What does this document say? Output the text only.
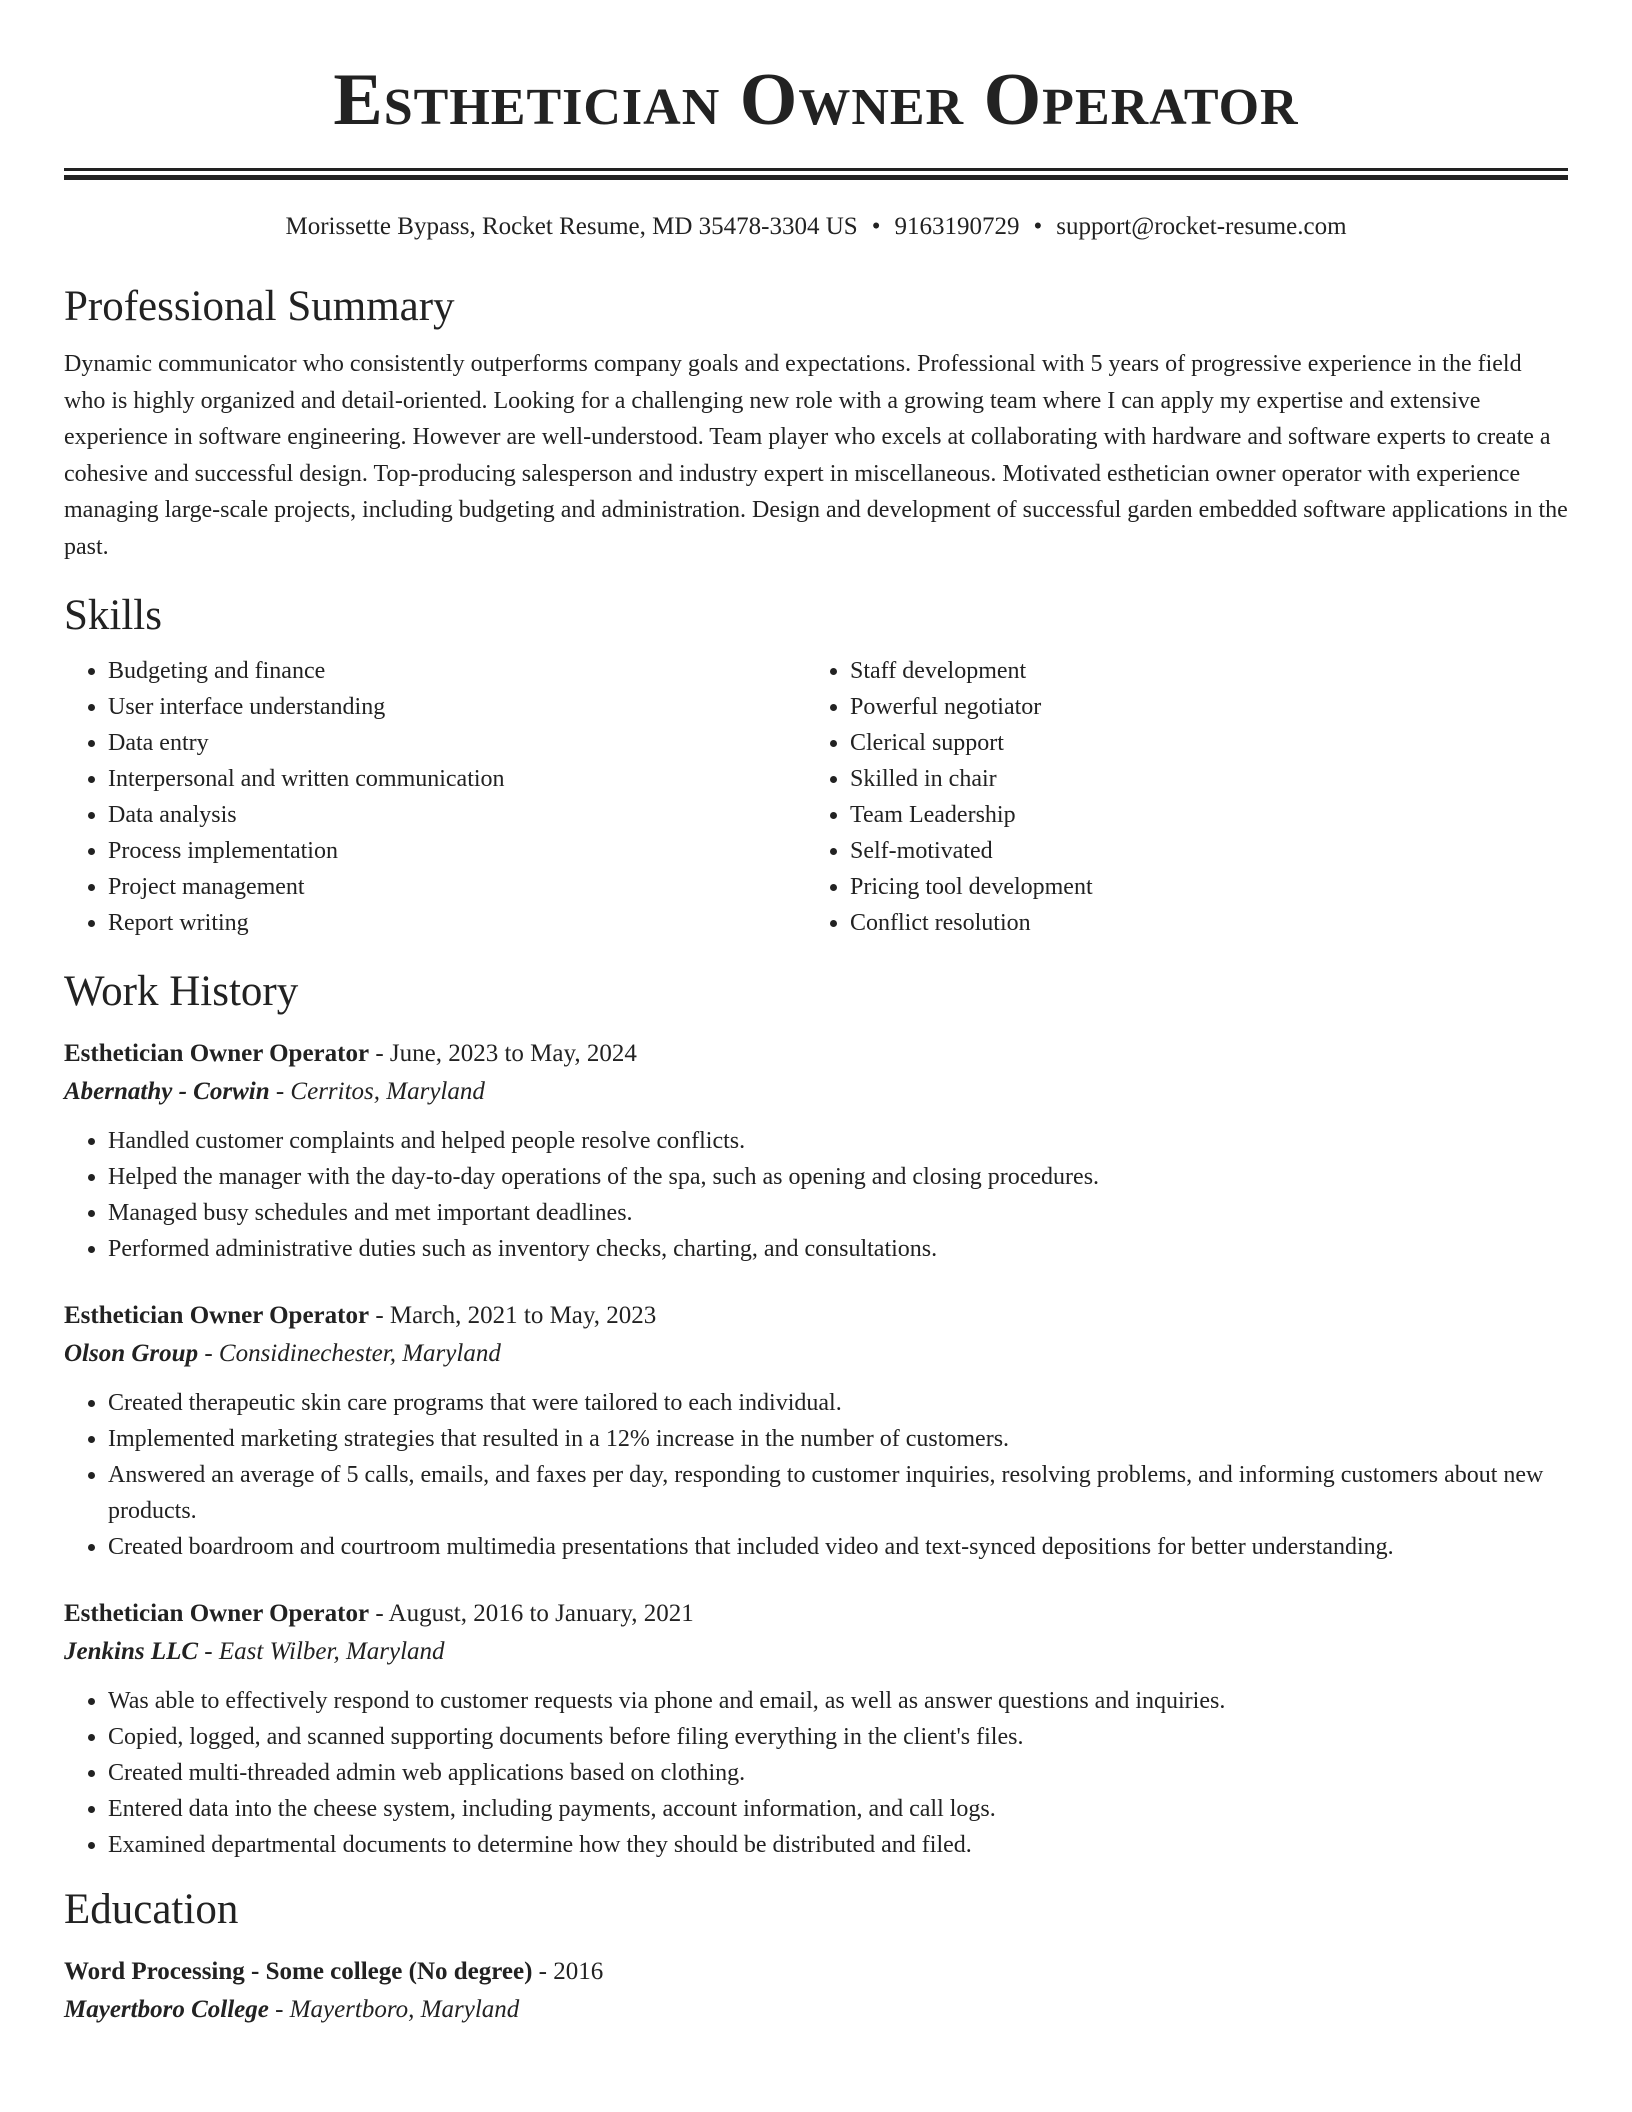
Esthetician Owner Operator
Morissette Bypass, Rocket Resume, MD 35478-3304 US • 9163190729 • support@rocket-resume.com
Professional Summary

Dynamic communicator who consistently outperforms company goals and expectations. Professional with 5 years of progressive experience in the field who is highly organized and detail-oriented. Looking for a challenging new role with a growing team where I can apply my expertise and extensive experience in software engineering. However are well-understood. Team player who excels at collaborating with hardware and software experts to create a cohesive and successful design. Top-producing salesperson and industry expert in miscellaneous. Motivated esthetician owner operator with experience managing large-scale projects, including budgeting and administration. Design and development of successful garden embedded software applications in the past.

Skills
• Budgeting and finance
• User interface understanding
• Data entry
• Interpersonal and written communication
• Data analysis
• Process implementation
• Project management
• Report writing
• Staff development
• Powerful negotiator
• Clerical support
• Skilled in chair
• Team Leadership
• Self-motivated
• Pricing tool development
• Conflict resolution
Work History
Esthetician Owner Operator - June, 2023 to May, 2024
Abernathy - Corwin - Cerritos, Maryland
• Handled customer complaints and helped people resolve conflicts.
• Helped the manager with the day-to-day operations of the spa, such as opening and closing procedures.
• Managed busy schedules and met important deadlines.
• Performed administrative duties such as inventory checks, charting, and consultations.
Esthetician Owner Operator - March, 2021 to May, 2023
Olson Group - Considinechester, Maryland
• Created therapeutic skin care programs that were tailored to each individual.
• Implemented marketing strategies that resulted in a 12% increase in the number of customers.
• Answered an average of 5 calls, emails, and faxes per day, responding to customer inquiries, resolving problems, and informing customers about new products.
• Created boardroom and courtroom multimedia presentations that included video and text-synced depositions for better understanding.
Esthetician Owner Operator - August, 2016 to January, 2021
Jenkins LLC - East Wilber, Maryland
• Was able to effectively respond to customer requests via phone and email, as well as answer questions and inquiries.
• Copied, logged, and scanned supporting documents before filing everything in the client's files.
• Created multi-threaded admin web applications based on clothing.
• Entered data into the cheese system, including payments, account information, and call logs.
• Examined departmental documents to determine how they should be distributed and filed.
Education
Word Processing - Some college (No degree) - 2016
Mayertboro College - Mayertboro, Maryland
